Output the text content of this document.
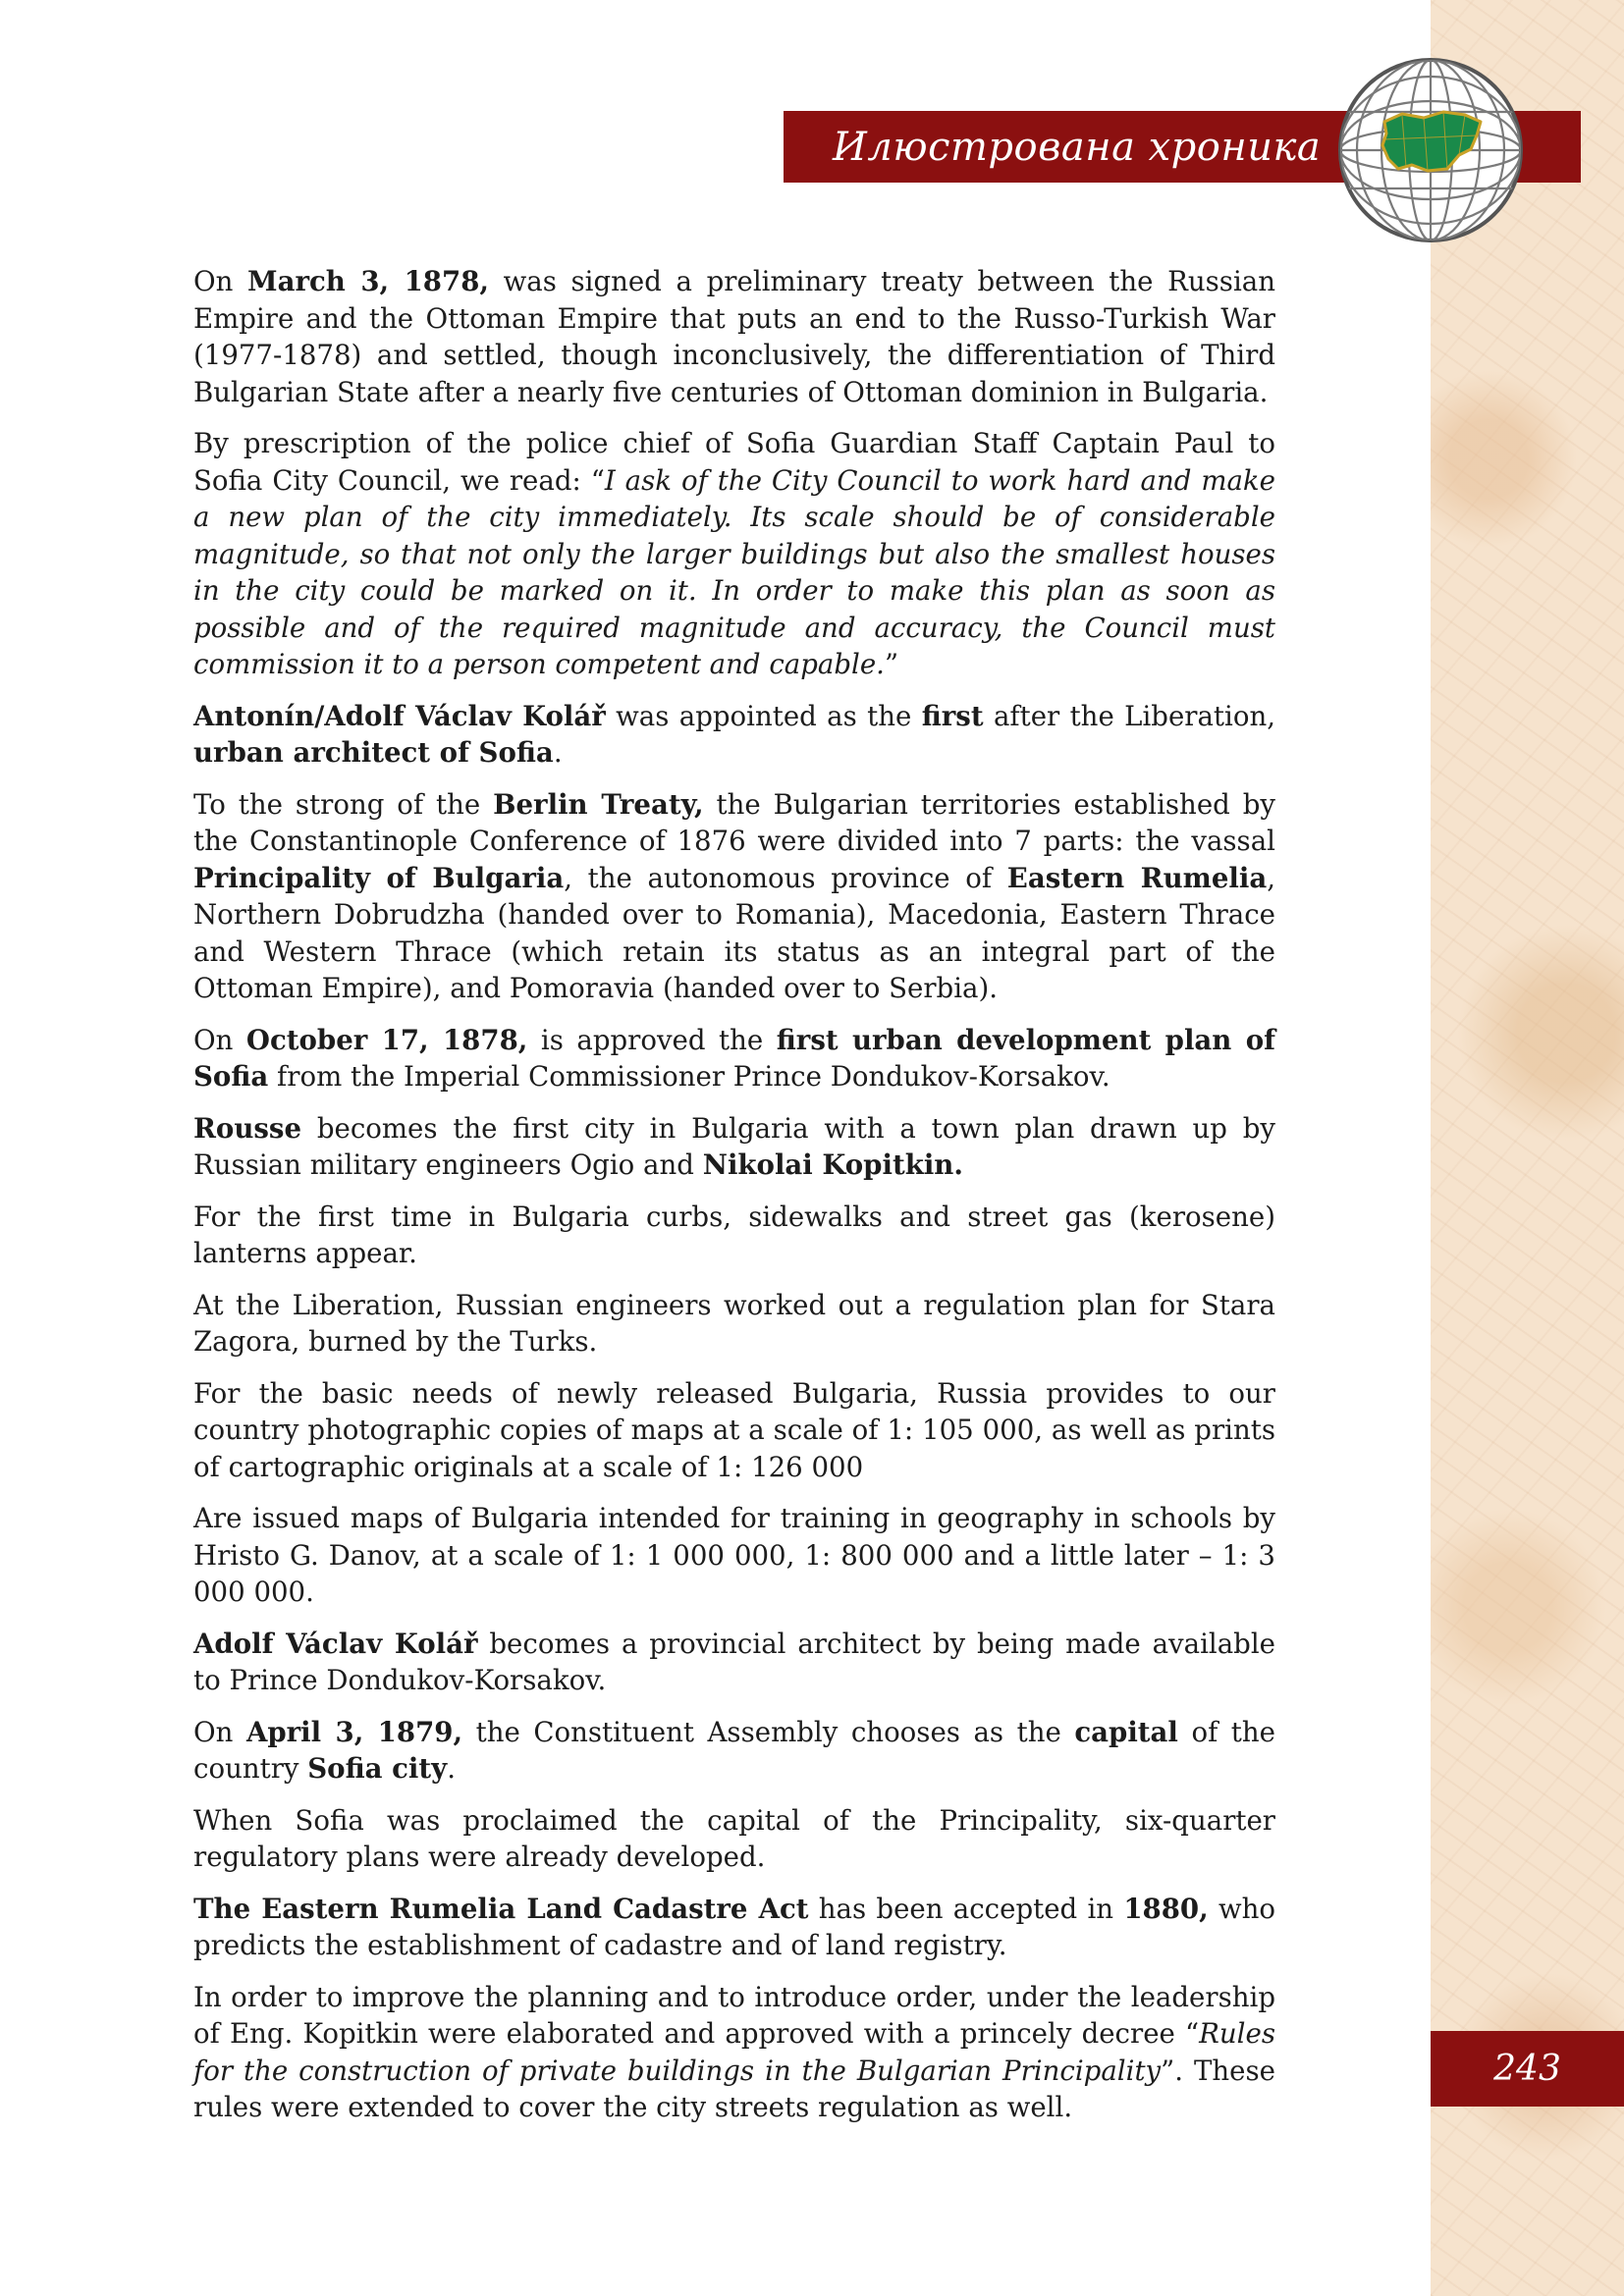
Илюстрована хроника
243

On March 3, 1878, was signed a preliminary treaty between the Russian Empire and the Ottoman Empire that puts an end to the Russo-Turkish War (1977-1878) and settled, though inconclusively, the differentiation of Third Bulgarian State after a nearly five centuries of Ottoman dominion in Bulgaria.

By prescription of the police chief of Sofia Guardian Staff Captain Paul to Sofia City Council, we read: “I ask of the City Council to work hard and make a new plan of the city immediately. Its scale should be of considerable magnitude, so that not only the larger buildings but also the smallest houses in the city could be marked on it. In order to make this plan as soon as possible and of the required magnitude and accuracy, the Council must commission it to a person competent and capable.”

Antonín/Adolf Václav Kolář was appointed as the first after the Liberation, urban architect of Sofia.

To the strong of the Berlin Treaty, the Bulgarian territories established by the Constantinople Conference of 1876 were divided into 7 parts: the vassal Principality of Bulgaria, the autonomous province of Eastern Rumelia, Northern Dobrudzha (handed over to Romania), Macedonia, Eastern Thrace and Western Thrace (which retain its status as an integral part of the Ottoman Empire), and Pomoravia (handed over to Serbia).

On October 17, 1878, is approved the first urban development plan of Sofia from the Imperial Commissioner Prince Dondukov-Korsakov.

Rousse becomes the first city in Bulgaria with a town plan drawn up by Russian military engineers Ogio and Nikolai Kopitkin.

For the first time in Bulgaria curbs, sidewalks and street gas (kerosene) lanterns appear.

At the Liberation, Russian engineers worked out a regulation plan for Stara Zagora, burned by the Turks.

For the basic needs of newly released Bulgaria, Russia provides to our country photographic copies of maps at a scale of 1: 105 000, as well as prints of cartographic originals at a scale of 1: 126 000

Are issued maps of Bulgaria intended for training in geography in schools by Hristo G. Danov, at a scale of 1: 1 000 000, 1: 800 000 and a little later – 1: 3 000 000.

Adolf Václav Kolář becomes a provincial architect by being made available to Prince Dondukov-Korsakov.

On April 3, 1879, the Constituent Assembly chooses as the capital of the country Sofia city.

When Sofia was proclaimed the capital of the Principality, six-quarter regulatory plans were already developed.

The Eastern Rumelia Land Cadastre Act has been accepted in 1880, who predicts the establishment of cadastre and of land registry.

In order to improve the planning and to introduce order, under the leadership of Eng. Kopitkin were elaborated and approved with a princely decree “Rules for the construction of private buildings in the Bulgarian Principality”. These rules were extended to cover the city streets regulation as well.
